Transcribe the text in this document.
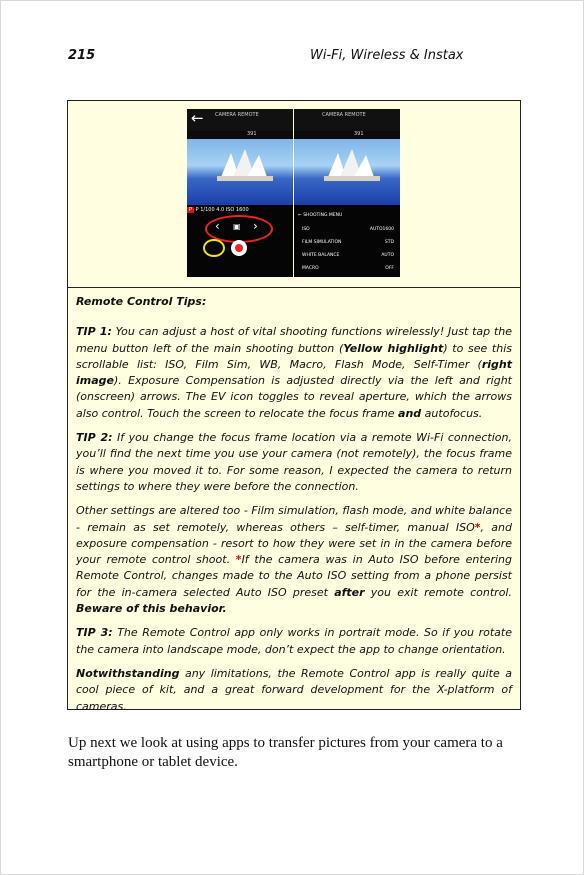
215	Wi-Fi, Wireless & Instax
← CAMERA REMOTE
391
P P 1/100 4.0 ISO 1600
‹ ▣ ›
CAMERA REMOTE
391
← SHOOTING MENU
ISO	AUTO1600
FILM SIMULATION	STD
WHITE BALANCE	AUTO
MACRO	OFF

Remote Control Tips:

TIP 1: You can adjust a host of vital shooting functions wirelessly! Just tap the menu button left of the main shooting button (Yellow highlight) to see this scrollable list: ISO, Film Sim, WB, Macro, Flash Mode, Self-Timer (right image). Exposure Compensation is adjusted directly via the left and right (onscreen) arrows. The EV icon toggles to reveal aperture, which the arrows also control. Touch the screen to relocate the focus frame and autofocus.

TIP 2: If you change the focus frame location via a remote Wi-Fi connection, you’ll find the next time you use your camera (not remotely), the focus frame is where you moved it to. For some reason, I expected the camera to return settings to where they were before the connection.

Other settings are altered too - Film simulation, flash mode, and white balance - remain as set remotely, whereas others – self-timer, manual ISO*, and exposure compensation - resort to how they were set in in the camera before your remote control shoot. *If the camera was in Auto ISO before entering Remote Control, changes made to the Auto ISO setting from a phone persist for the in-camera selected Auto ISO preset after you exit remote control. Beware of this behavior.

TIP 3: The Remote Control app only works in portrait mode. So if you rotate the camera into landscape mode, don’t expect the app to change orientation.

Notwithstanding any limitations, the Remote Control app is really quite a cool piece of kit, and a great forward development for the X-platform of cameras.

Up next we look at using apps to transfer pictures from your camera to a smartphone or tablet device.
